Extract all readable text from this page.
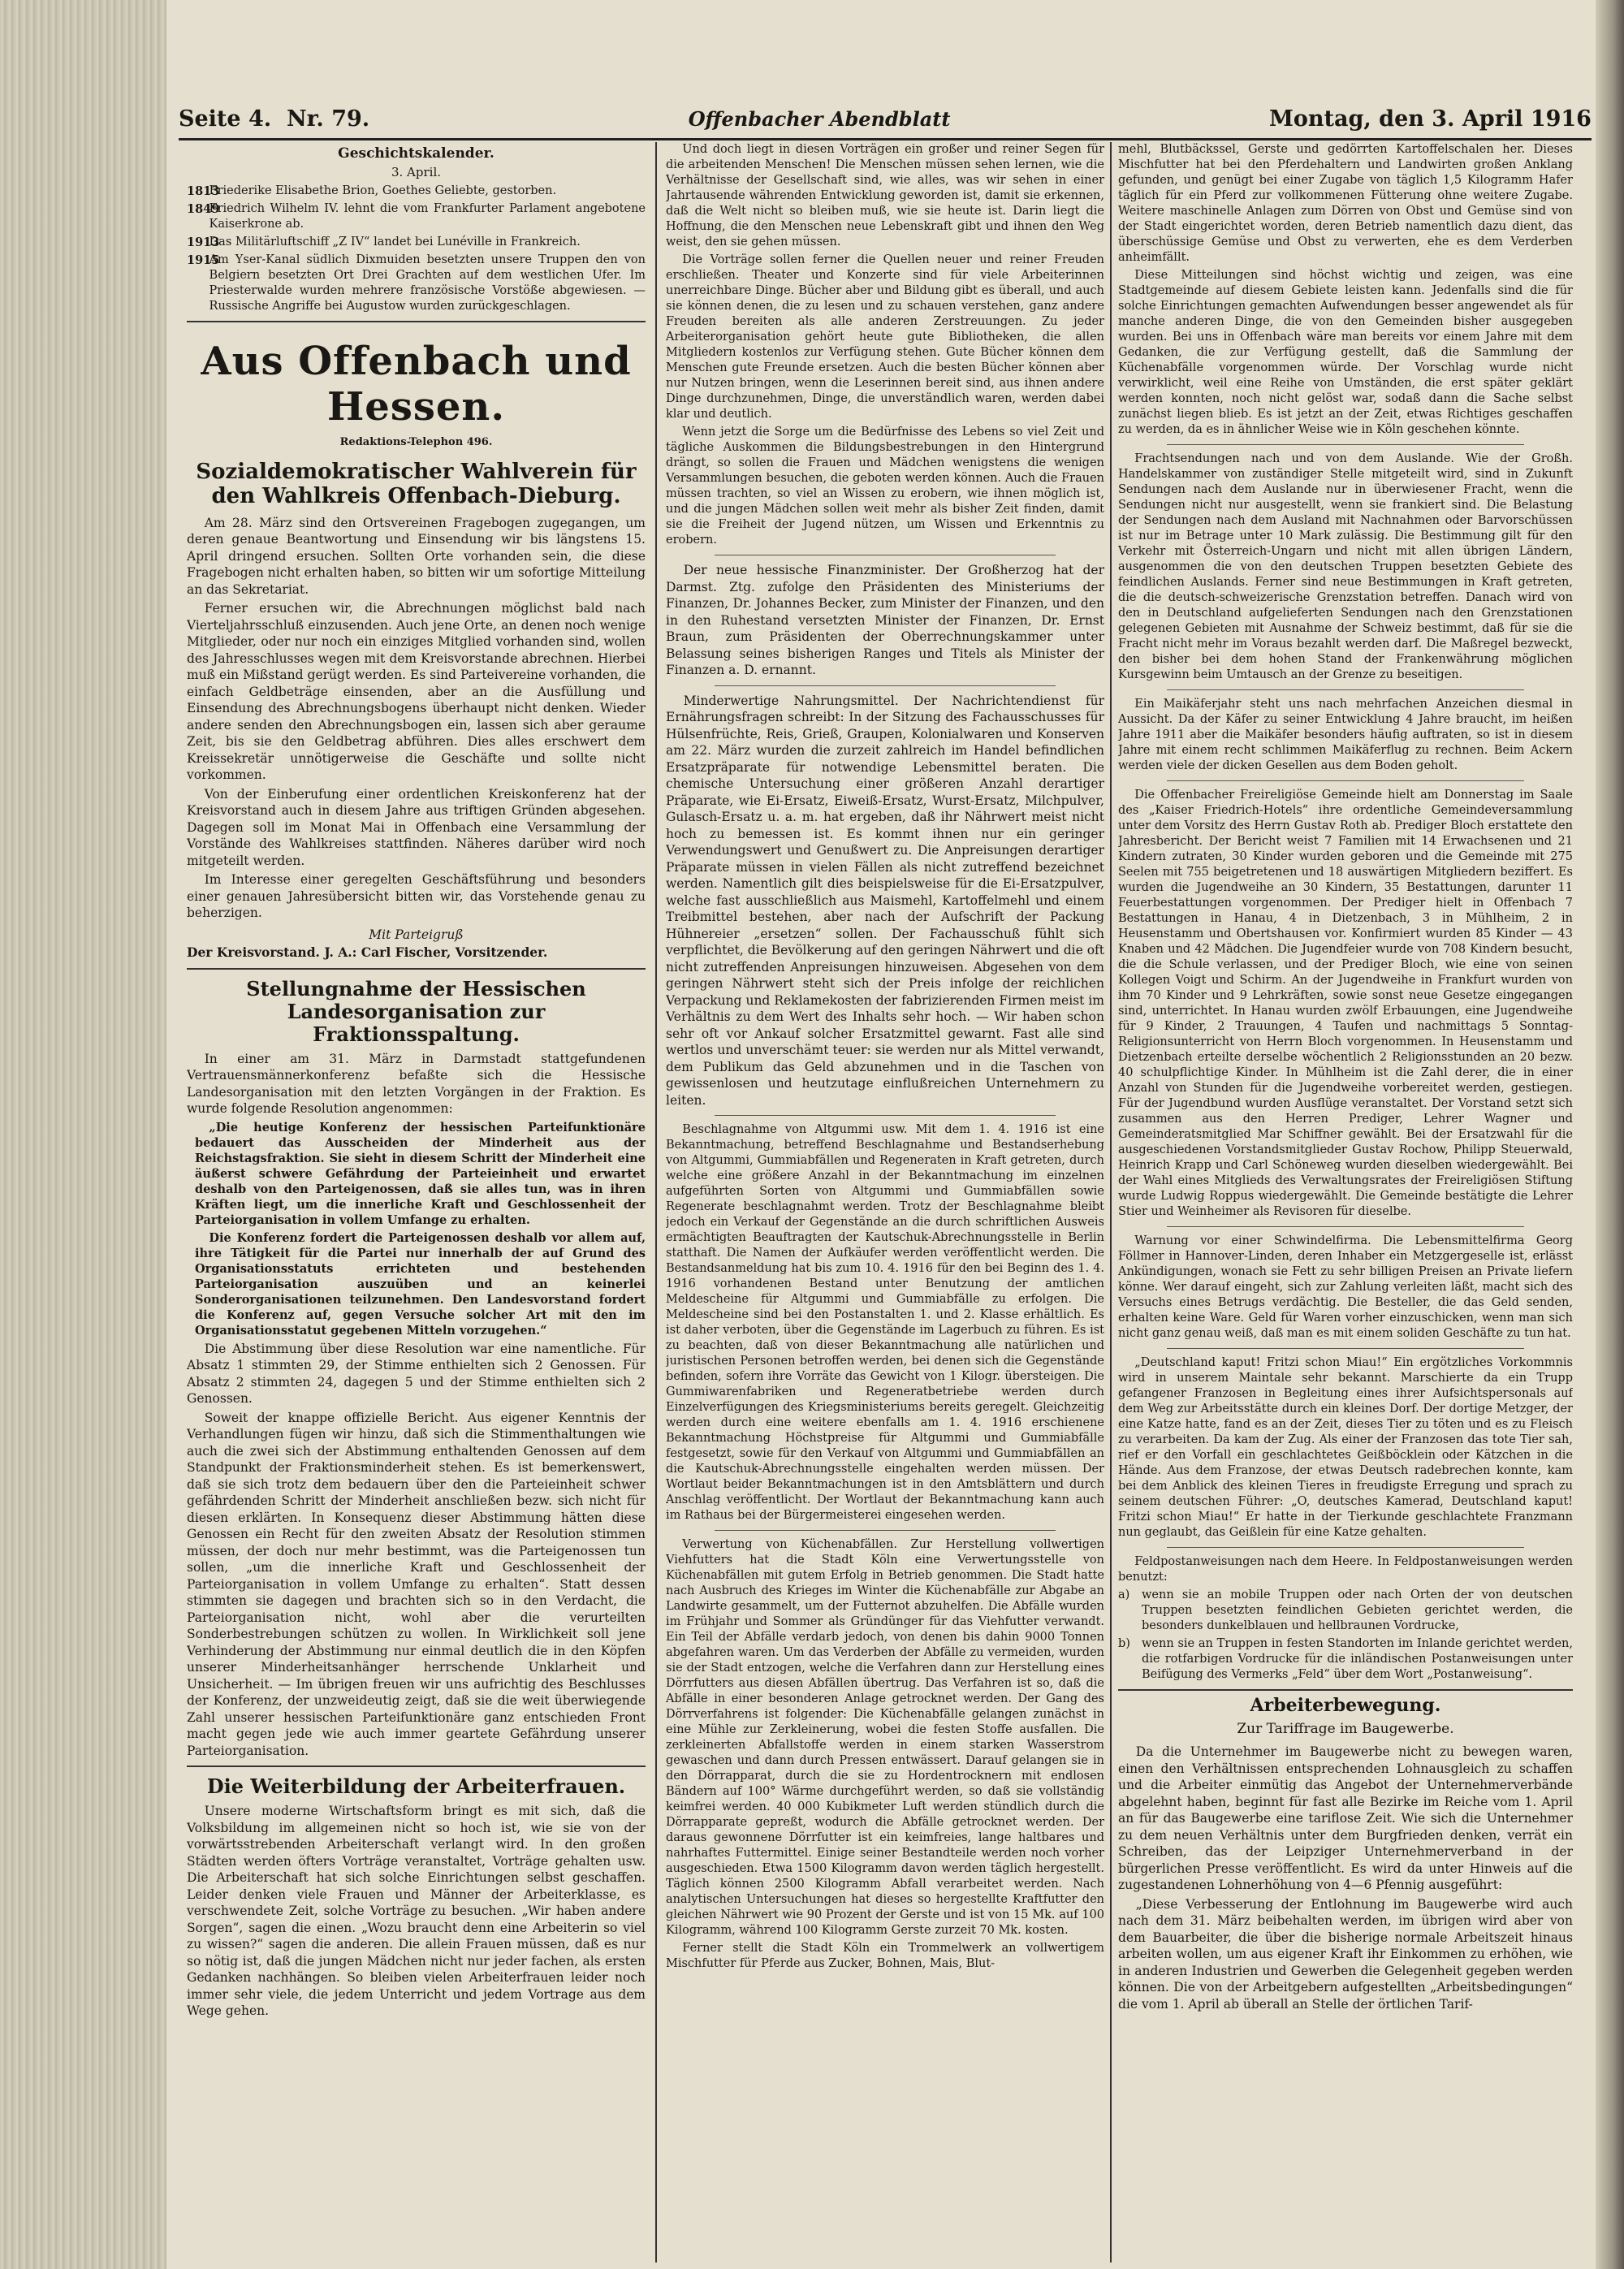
Seite 4. Nr. 79.	Offenbacher Abendblatt	Montag, den 3. April 1916
Geschichtskalender.
3. April.

1813
Friederike Elisabethe Brion, Goethes Geliebte, gestorben.

1849
Friedrich Wilhelm IV. lehnt die vom Frankfurter Parlament angebotene Kaiserkrone ab.

1913
Das Militärluftschiff „Z IV“ landet bei Lunéville in Frankreich.

1915
Am Yser-Kanal südlich Dixmuiden besetzten unsere Truppen den von Belgiern besetzten Ort Drei Grachten auf dem westlichen Ufer. Im Priesterwalde wurden mehrere französische Vorstöße abgewiesen. — Russische Angriffe bei Augustow wurden zurückgeschlagen.

Aus Offenbach und Hessen.
Redaktions-Telephon 496.
Sozialdemokratischer Wahlverein für den Wahlkreis Offenbach-Dieburg.

Am 28. März sind den Ortsvereinen Fragebogen zugegangen, um deren genaue Beantwortung und Einsendung wir bis längstens 15. April dringend ersuchen. Sollten Orte vorhanden sein, die diese Fragebogen nicht erhalten haben, so bitten wir um sofortige Mitteilung an das Sekretariat.

Ferner ersuchen wir, die Abrechnungen möglichst bald nach Vierteljahrsschluß einzusenden. Auch jene Orte, an denen noch wenige Mitglieder, oder nur noch ein einziges Mitglied vorhanden sind, wollen des Jahresschlusses wegen mit dem Kreisvorstande abrechnen. Hierbei muß ein Mißstand gerügt werden. Es sind Parteivereine vorhanden, die einfach Geldbeträge einsenden, aber an die Ausfüllung und Einsendung des Abrechnungsbogens überhaupt nicht denken. Wieder andere senden den Abrechnungsbogen ein, lassen sich aber geraume Zeit, bis sie den Geldbetrag abführen. Dies alles erschwert dem Kreissekretär unnötigerweise die Geschäfte und sollte nicht vorkommen.

Von der Einberufung einer ordentlichen Kreiskonferenz hat der Kreisvorstand auch in diesem Jahre aus triftigen Gründen abgesehen. Dagegen soll im Monat Mai in Offenbach eine Versammlung der Vorstände des Wahlkreises stattfinden. Näheres darüber wird noch mitgeteilt werden.

Im Interesse einer geregelten Geschäftsführung und besonders einer genauen Jahresübersicht bitten wir, das Vorstehende genau zu beherzigen.

Mit Parteigruß

Der Kreisvorstand. J. A.: Carl Fischer, Vorsitzender.

Stellungnahme der Hessischen Landesorganisation zur Fraktionsspaltung.

In einer am 31. März in Darmstadt stattgefundenen Vertrauensmännerkonferenz befaßte sich die Hessische Landesorganisation mit den letzten Vorgängen in der Fraktion. Es wurde folgende Resolution angenommen:

„Die heutige Konferenz der hessischen Parteifunktionäre bedauert das Ausscheiden der Minderheit aus der Reichstagsfraktion. Sie sieht in diesem Schritt der Minderheit eine äußerst schwere Gefährdung der Parteieinheit und erwartet deshalb von den Parteigenossen, daß sie alles tun, was in ihren Kräften liegt, um die innerliche Kraft und Geschlossenheit der Parteiorganisation in vollem Umfange zu erhalten.

Die Konferenz fordert die Parteigenossen deshalb vor allem auf, ihre Tätigkeit für die Partei nur innerhalb der auf Grund des Organisationsstatuts errichteten und bestehenden Parteiorganisation auszuüben und an keinerlei Sonderorganisationen teilzunehmen. Den Landesvorstand fordert die Konferenz auf, gegen Versuche solcher Art mit den im Organisationsstatut gegebenen Mitteln vorzugehen.“

Die Abstimmung über diese Resolution war eine namentliche. Für Absatz 1 stimmten 29, der Stimme enthielten sich 2 Genossen. Für Absatz 2 stimmten 24, dagegen 5 und der Stimme enthielten sich 2 Genossen.

Soweit der knappe offizielle Bericht. Aus eigener Kenntnis der Verhandlungen fügen wir hinzu, daß sich die Stimmenthaltungen wie auch die zwei sich der Abstimmung enthaltenden Genossen auf dem Standpunkt der Fraktionsminderheit stehen. Es ist bemerkenswert, daß sie sich trotz dem bedauern über den die Parteieinheit schwer gefährdenden Schritt der Minderheit anschließen bezw. sich nicht für diesen erklärten. In Konsequenz dieser Abstimmung hätten diese Genossen ein Recht für den zweiten Absatz der Resolution stimmen müssen, der doch nur mehr bestimmt, was die Parteigenossen tun sollen, „um die innerliche Kraft und Geschlossenheit der Parteiorganisation in vollem Umfange zu erhalten“. Statt dessen stimmten sie dagegen und brachten sich so in den Verdacht, die Parteiorganisation nicht, wohl aber die verurteilten Sonderbestrebungen schützen zu wollen. In Wirklichkeit soll jene Verhinderung der Abstimmung nur einmal deutlich die in den Köpfen unserer Minderheitsanhänger herrschende Unklarheit und Unsicherheit. — Im übrigen freuen wir uns aufrichtig des Beschlusses der Konferenz, der unzweideutig zeigt, daß sie die weit überwiegende Zahl unserer hessischen Parteifunktionäre ganz entschieden Front macht gegen jede wie auch immer geartete Gefährdung unserer Parteiorganisation.

Die Weiterbildung der Arbeiterfrauen.

Unsere moderne Wirtschaftsform bringt es mit sich, daß die Volksbildung im allgemeinen nicht so hoch ist, wie sie von der vorwärtsstrebenden Arbeiterschaft verlangt wird. In den großen Städten werden öfters Vorträge veranstaltet, Vorträge gehalten usw. Die Arbeiterschaft hat sich solche Einrichtungen selbst geschaffen. Leider denken viele Frauen und Männer der Arbeiterklasse, es verschwendete Zeit, solche Vorträge zu besuchen. „Wir haben andere Sorgen“, sagen die einen. „Wozu braucht denn eine Arbeiterin so viel zu wissen?“ sagen die anderen. Die allein Frauen müssen, daß es nur so nötig ist, daß die jungen Mädchen nicht nur jeder fachen, als ersten Gedanken nachhängen. So bleiben vielen Arbeiterfrauen leider noch immer sehr viele, die jedem Unterricht und jedem Vortrage aus dem Wege gehen.

Und doch liegt in diesen Vorträgen ein großer und reiner Segen für die arbeitenden Menschen! Die Menschen müssen sehen lernen, wie die Verhältnisse der Gesellschaft sind, wie alles, was wir sehen in einer Jahrtausende währenden Entwicklung geworden ist, damit sie erkennen, daß die Welt nicht so bleiben muß, wie sie heute ist. Darin liegt die Hoffnung, die den Menschen neue Lebenskraft gibt und ihnen den Weg weist, den sie gehen müssen.

Die Vorträge sollen ferner die Quellen neuer und reiner Freuden erschließen. Theater und Konzerte sind für viele Arbeiterinnen unerreichbare Dinge. Bücher aber und Bildung gibt es überall, und auch sie können denen, die zu lesen und zu schauen verstehen, ganz andere Freuden bereiten als alle anderen Zerstreuungen. Zu jeder Arbeiterorganisation gehört heute gute Bibliotheken, die allen Mitgliedern kostenlos zur Verfügung stehen. Gute Bücher können dem Menschen gute Freunde ersetzen. Auch die besten Bücher können aber nur Nutzen bringen, wenn die Leserinnen bereit sind, aus ihnen andere Dinge durchzunehmen, Dinge, die unverständlich waren, werden dabei klar und deutlich.

Wenn jetzt die Sorge um die Bedürfnisse des Lebens so viel Zeit und tägliche Auskommen die Bildungsbestrebungen in den Hintergrund drängt, so sollen die Frauen und Mädchen wenigstens die wenigen Versammlungen besuchen, die geboten werden können. Auch die Frauen müssen trachten, so viel an Wissen zu erobern, wie ihnen möglich ist, und die jungen Mädchen sollen weit mehr als bisher Zeit finden, damit sie die Freiheit der Jugend nützen, um Wissen und Erkenntnis zu erobern.

Der neue hessische Finanzminister. Der Großherzog hat der Darmst. Ztg. zufolge den Präsidenten des Ministeriums der Finanzen, Dr. Johannes Becker, zum Minister der Finanzen, und den in den Ruhestand versetzten Minister der Finanzen, Dr. Ernst Braun, zum Präsidenten der Oberrechnungskammer unter Belassung seines bisherigen Ranges und Titels als Minister der Finanzen a. D. ernannt.

Minderwertige Nahrungsmittel. Der Nachrichtendienst für Ernährungsfragen schreibt: In der Sitzung des Fachausschusses für Hülsenfrüchte, Reis, Grieß, Graupen, Kolonialwaren und Konserven am 22. März wurden die zurzeit zahlreich im Handel befindlichen Ersatzpräparate für notwendige Lebensmittel beraten. Die chemische Untersuchung einer größeren Anzahl derartiger Präparate, wie Ei-Ersatz, Eiweiß-Ersatz, Wurst-Ersatz, Milchpulver, Gulasch-Ersatz u. a. m. hat ergeben, daß ihr Nährwert meist nicht hoch zu bemessen ist. Es kommt ihnen nur ein geringer Verwendungswert und Genußwert zu. Die Anpreisungen derartiger Präparate müssen in vielen Fällen als nicht zutreffend bezeichnet werden. Namentlich gilt dies beispielsweise für die Ei-Ersatzpulver, welche fast ausschließlich aus Maismehl, Kartoffelmehl und einem Treibmittel bestehen, aber nach der Aufschrift der Packung Hühnereier „ersetzen“ sollen. Der Fachausschuß fühlt sich verpflichtet, die Bevölkerung auf den geringen Nährwert und die oft nicht zutreffenden Anpreisungen hinzuweisen. Abgesehen von dem geringen Nährwert steht sich der Preis infolge der reichlichen Verpackung und Reklamekosten der fabrizierenden Firmen meist im Verhältnis zu dem Wert des Inhalts sehr hoch. — Wir haben schon sehr oft vor Ankauf solcher Ersatzmittel gewarnt. Fast alle sind wertlos und unverschämt teuer: sie werden nur als Mittel verwandt, dem Publikum das Geld abzunehmen und in die Taschen von gewissenlosen und heutzutage einflußreichen Unternehmern zu leiten.

Beschlagnahme von Altgummi usw. Mit dem 1. 4. 1916 ist eine Bekanntmachung, betreffend Beschlagnahme und Bestandserhebung von Altgummi, Gummiabfällen und Regeneraten in Kraft getreten, durch welche eine größere Anzahl in der Bekanntmachung im einzelnen aufgeführten Sorten von Altgummi und Gummiabfällen sowie Regenerate beschlagnahmt werden. Trotz der Beschlagnahme bleibt jedoch ein Verkauf der Gegenstände an die durch schriftlichen Ausweis ermächtigten Beauftragten der Kautschuk-Abrechnungsstelle in Berlin statthaft. Die Namen der Aufkäufer werden veröffentlicht werden. Die Bestandsanmeldung hat bis zum 10. 4. 1916 für den bei Beginn des 1. 4. 1916 vorhandenen Bestand unter Benutzung der amtlichen Meldescheine für Altgummi und Gummiabfälle zu erfolgen. Die Meldescheine sind bei den Postanstalten 1. und 2. Klasse erhältlich. Es ist daher verboten, über die Gegenstände im Lagerbuch zu führen. Es ist zu beachten, daß von dieser Bekanntmachung alle natürlichen und juristischen Personen betroffen werden, bei denen sich die Gegenstände befinden, sofern ihre Vorräte das Gewicht von 1 Kilogr. übersteigen. Die Gummiwarenfabriken und Regeneratbetriebe werden durch Einzelverfügungen des Kriegsministeriums bereits geregelt. Gleichzeitig werden durch eine weitere ebenfalls am 1. 4. 1916 erschienene Bekanntmachung Höchstpreise für Altgummi und Gummiabfälle festgesetzt, sowie für den Verkauf von Altgummi und Gummiabfällen an die Kautschuk-Abrechnungsstelle eingehalten werden müssen. Der Wortlaut beider Bekanntmachungen ist in den Amtsblättern und durch Anschlag veröffentlicht. Der Wortlaut der Bekanntmachung kann auch im Rathaus bei der Bürgermeisterei eingesehen werden.

Verwertung von Küchenabfällen. Zur Herstellung vollwertigen Viehfutters hat die Stadt Köln eine Verwertungsstelle von Küchenabfällen mit gutem Erfolg in Betrieb genommen. Die Stadt hatte nach Ausbruch des Krieges im Winter die Küchenabfälle zur Abgabe an Landwirte gesammelt, um der Futternot abzuhelfen. Die Abfälle wurden im Frühjahr und Sommer als Gründünger für das Viehfutter verwandt. Ein Teil der Abfälle verdarb jedoch, von denen bis dahin 9000 Tonnen abgefahren waren. Um das Verderben der Abfälle zu vermeiden, wurden sie der Stadt entzogen, welche die Verfahren dann zur Herstellung eines Dörrfutters aus diesen Abfällen übertrug. Das Verfahren ist so, daß die Abfälle in einer besonderen Anlage getrocknet werden. Der Gang des Dörrverfahrens ist folgender: Die Küchenabfälle gelangen zunächst in eine Mühle zur Zerkleinerung, wobei die festen Stoffe ausfallen. Die zerkleinerten Abfallstoffe werden in einem starken Wasserstrom gewaschen und dann durch Pressen entwässert. Darauf gelangen sie in den Dörrapparat, durch die sie zu Hordentrocknern mit endlosen Bändern auf 100° Wärme durchgeführt werden, so daß sie vollständig keimfrei werden. 40 000 Kubikmeter Luft werden stündlich durch die Dörrapparate gepreßt, wodurch die Abfälle getrocknet werden. Der daraus gewonnene Dörrfutter ist ein keimfreies, lange haltbares und nahrhaftes Futtermittel. Einige seiner Bestandteile werden noch vorher ausgeschieden. Etwa 1500 Kilogramm davon werden täglich hergestellt. Täglich können 2500 Kilogramm Abfall verarbeitet werden. Nach analytischen Untersuchungen hat dieses so hergestellte Kraftfutter den gleichen Nährwert wie 90 Prozent der Gerste und ist von 15 Mk. auf 100 Kilogramm, während 100 Kilogramm Gerste zurzeit 70 Mk. kosten.

Ferner stellt die Stadt Köln ein Trommelwerk an vollwertigem Mischfutter für Pferde aus Zucker, Bohnen, Mais, Blut-

mehl, Blutbäckssel, Gerste und gedörrten Kartoffelschalen her. Dieses Mischfutter hat bei den Pferdehaltern und Landwirten großen Anklang gefunden, und genügt bei einer Zugabe von täglich 1,5 Kilogramm Hafer täglich für ein Pferd zur vollkommenen Fütterung ohne weitere Zugabe. Weitere maschinelle Anlagen zum Dörren von Obst und Gemüse sind von der Stadt eingerichtet worden, deren Betrieb namentlich dazu dient, das überschüssige Gemüse und Obst zu verwerten, ehe es dem Verderben anheimfällt.

Diese Mitteilungen sind höchst wichtig und zeigen, was eine Stadtgemeinde auf diesem Gebiete leisten kann. Jedenfalls sind die für solche Einrichtungen gemachten Aufwendungen besser angewendet als für manche anderen Dinge, die von den Gemeinden bisher ausgegeben wurden. Bei uns in Offenbach wäre man bereits vor einem Jahre mit dem Gedanken, die zur Verfügung gestellt, daß die Sammlung der Küchenabfälle vorgenommen würde. Der Vorschlag wurde nicht verwirklicht, weil eine Reihe von Umständen, die erst später geklärt werden konnten, noch nicht gelöst war, sodaß dann die Sache selbst zunächst liegen blieb. Es ist jetzt an der Zeit, etwas Richtiges geschaffen zu werden, da es in ähnlicher Weise wie in Köln geschehen könnte.

Frachtsendungen nach und von dem Auslande. Wie der Großh. Handelskammer von zuständiger Stelle mitgeteilt wird, sind in Zukunft Sendungen nach dem Auslande nur in überwiesener Fracht, wenn die Sendungen nicht nur ausgestellt, wenn sie frankiert sind. Die Belastung der Sendungen nach dem Ausland mit Nachnahmen oder Barvorschüssen ist nur im Betrage unter 10 Mark zulässig. Die Bestimmung gilt für den Verkehr mit Österreich-Ungarn und nicht mit allen übrigen Ländern, ausgenommen die von den deutschen Truppen besetzten Gebiete des feindlichen Auslands. Ferner sind neue Bestimmungen in Kraft getreten, die die deutsch-schweizerische Grenzstation betreffen. Danach wird von den in Deutschland aufgelieferten Sendungen nach den Grenzstationen gelegenen Gebieten mit Ausnahme der Schweiz bestimmt, daß für sie die Fracht nicht mehr im Voraus bezahlt werden darf. Die Maßregel bezweckt, den bisher bei dem hohen Stand der Frankenwährung möglichen Kursgewinn beim Umtausch an der Grenze zu beseitigen.

Ein Maikäferjahr steht uns nach mehrfachen Anzeichen diesmal in Aussicht. Da der Käfer zu seiner Entwicklung 4 Jahre braucht, im heißen Jahre 1911 aber die Maikäfer besonders häufig auftraten, so ist in diesem Jahre mit einem recht schlimmen Maikäferflug zu rechnen. Beim Ackern werden viele der dicken Gesellen aus dem Boden geholt.

Die Offenbacher Freireligiöse Gemeinde hielt am Donnerstag im Saale des „Kaiser Friedrich-Hotels“ ihre ordentliche Gemeindeversammlung unter dem Vorsitz des Herrn Gustav Roth ab. Prediger Bloch erstattete den Jahresbericht. Der Bericht weist 7 Familien mit 14 Erwachsenen und 21 Kindern zutraten, 30 Kinder wurden geboren und die Gemeinde mit 275 Seelen mit 755 beigetretenen und 18 auswärtigen Mitgliedern beziffert. Es wurden die Jugendweihe an 30 Kindern, 35 Bestattungen, darunter 11 Feuerbestattungen vorgenommen. Der Prediger hielt in Offenbach 7 Bestattungen in Hanau, 4 in Dietzenbach, 3 in Mühlheim, 2 in Heusenstamm und Obertshausen vor. Konfirmiert wurden 85 Kinder — 43 Knaben und 42 Mädchen. Die Jugendfeier wurde von 708 Kindern besucht, die die Schule verlassen, und der Prediger Bloch, wie eine von seinen Kollegen Voigt und Schirm. An der Jugendweihe in Frankfurt wurden von ihm 70 Kinder und 9 Lehrkräften, sowie sonst neue Gesetze eingegangen sind, unterrichtet. In Hanau wurden zwölf Erbauungen, eine Jugendweihe für 9 Kinder, 2 Trauungen, 4 Taufen und nachmittags 5 Sonntag-Religionsunterricht von Herrn Bloch vorgenommen. In Heusenstamm und Dietzenbach erteilte derselbe wöchentlich 2 Religionsstunden an 20 bezw. 40 schulpflichtige Kinder. In Mühlheim ist die Zahl derer, die in einer Anzahl von Stunden für die Jugendweihe vorbereitet werden, gestiegen. Für der Jugendbund wurden Ausflüge veranstaltet. Der Vorstand setzt sich zusammen aus den Herren Prediger, Lehrer Wagner und Gemeinderatsmitglied Mar Schiffner gewählt. Bei der Ersatzwahl für die ausgeschiedenen Vorstandsmitglieder Gustav Rochow, Philipp Steuerwald, Heinrich Krapp und Carl Schöneweg wurden dieselben wiedergewählt. Bei der Wahl eines Mitglieds des Verwaltungsrates der Freireligiösen Stiftung wurde Ludwig Roppus wiedergewählt. Die Gemeinde bestätigte die Lehrer Stier und Weinheimer als Revisoren für dieselbe.

Warnung vor einer Schwindelfirma. Die Lebensmittelfirma Georg Föllmer in Hannover-Linden, deren Inhaber ein Metzgergeselle ist, erlässt Ankündigungen, wonach sie Fett zu sehr billigen Preisen an Private liefern könne. Wer darauf eingeht, sich zur Zahlung verleiten läßt, macht sich des Versuchs eines Betrugs verdächtig. Die Besteller, die das Geld senden, erhalten keine Ware. Geld für Waren vorher einzuschicken, wenn man sich nicht ganz genau weiß, daß man es mit einem soliden Geschäfte zu tun hat.

„Deutschland kaput! Fritzi schon Miau!“ Ein ergötzliches Vorkommnis wird in unserem Maintale sehr bekannt. Marschierte da ein Trupp gefangener Franzosen in Begleitung eines ihrer Aufsichtspersonals auf dem Weg zur Arbeitsstätte durch ein kleines Dorf. Der dortige Metzger, der eine Katze hatte, fand es an der Zeit, dieses Tier zu töten und es zu Fleisch zu verarbeiten. Da kam der Zug. Als einer der Franzosen das tote Tier sah, rief er den Vorfall ein geschlachtetes Geißböcklein oder Kätzchen in die Hände. Aus dem Franzose, der etwas Deutsch radebrechen konnte, kam bei dem Anblick des kleinen Tieres in freudigste Erregung und sprach zu seinem deutschen Führer: „O, deutsches Kamerad, Deutschland kaput! Fritzi schon Miau!“ Er hatte in der Tierkunde geschlachtete Franzmann nun geglaubt, das Geißlein für eine Katze gehalten.

Feldpostanweisungen nach dem Heere. In Feldpostanweisungen werden benutzt:

a) wenn sie an mobile Truppen oder nach Orten der von deutschen Truppen besetzten feindlichen Gebieten gerichtet werden, die besonders dunkelblauen und hellbraunen Vordrucke,

b) wenn sie an Truppen in festen Standorten im Inlande gerichtet werden, die rotfarbigen Vordrucke für die inländischen Postanweisungen unter Beifügung des Vermerks „Feld“ über dem Wort „Postanweisung“.

Arbeiterbewegung.
Zur Tariffrage im Baugewerbe.

Da die Unternehmer im Baugewerbe nicht zu bewegen waren, einen den Verhältnissen entsprechenden Lohnausgleich zu schaffen und die Arbeiter einmütig das Angebot der Unternehmerverbände abgelehnt haben, beginnt für fast alle Bezirke im Reiche vom 1. April an für das Baugewerbe eine tariflose Zeit. Wie sich die Unternehmer zu dem neuen Verhältnis unter dem Burgfrieden denken, verrät ein Schreiben, das der Leipziger Unternehmerverband in der bürgerlichen Presse veröffentlicht. Es wird da unter Hinweis auf die zugestandenen Lohnerhöhung von 4—6 Pfennig ausgeführt:

„Diese Verbesserung der Entlohnung im Baugewerbe wird auch nach dem 31. März beibehalten werden, im übrigen wird aber von dem Bauarbeiter, die über die bisherige normale Arbeitszeit hinaus arbeiten wollen, um aus eigener Kraft ihr Einkommen zu erhöhen, wie in anderen Industrien und Gewerben die Gelegenheit gegeben werden können. Die von der Arbeitgebern aufgestellten „Arbeitsbedingungen“ die vom 1. April ab überall an Stelle der örtlichen Tarif-
